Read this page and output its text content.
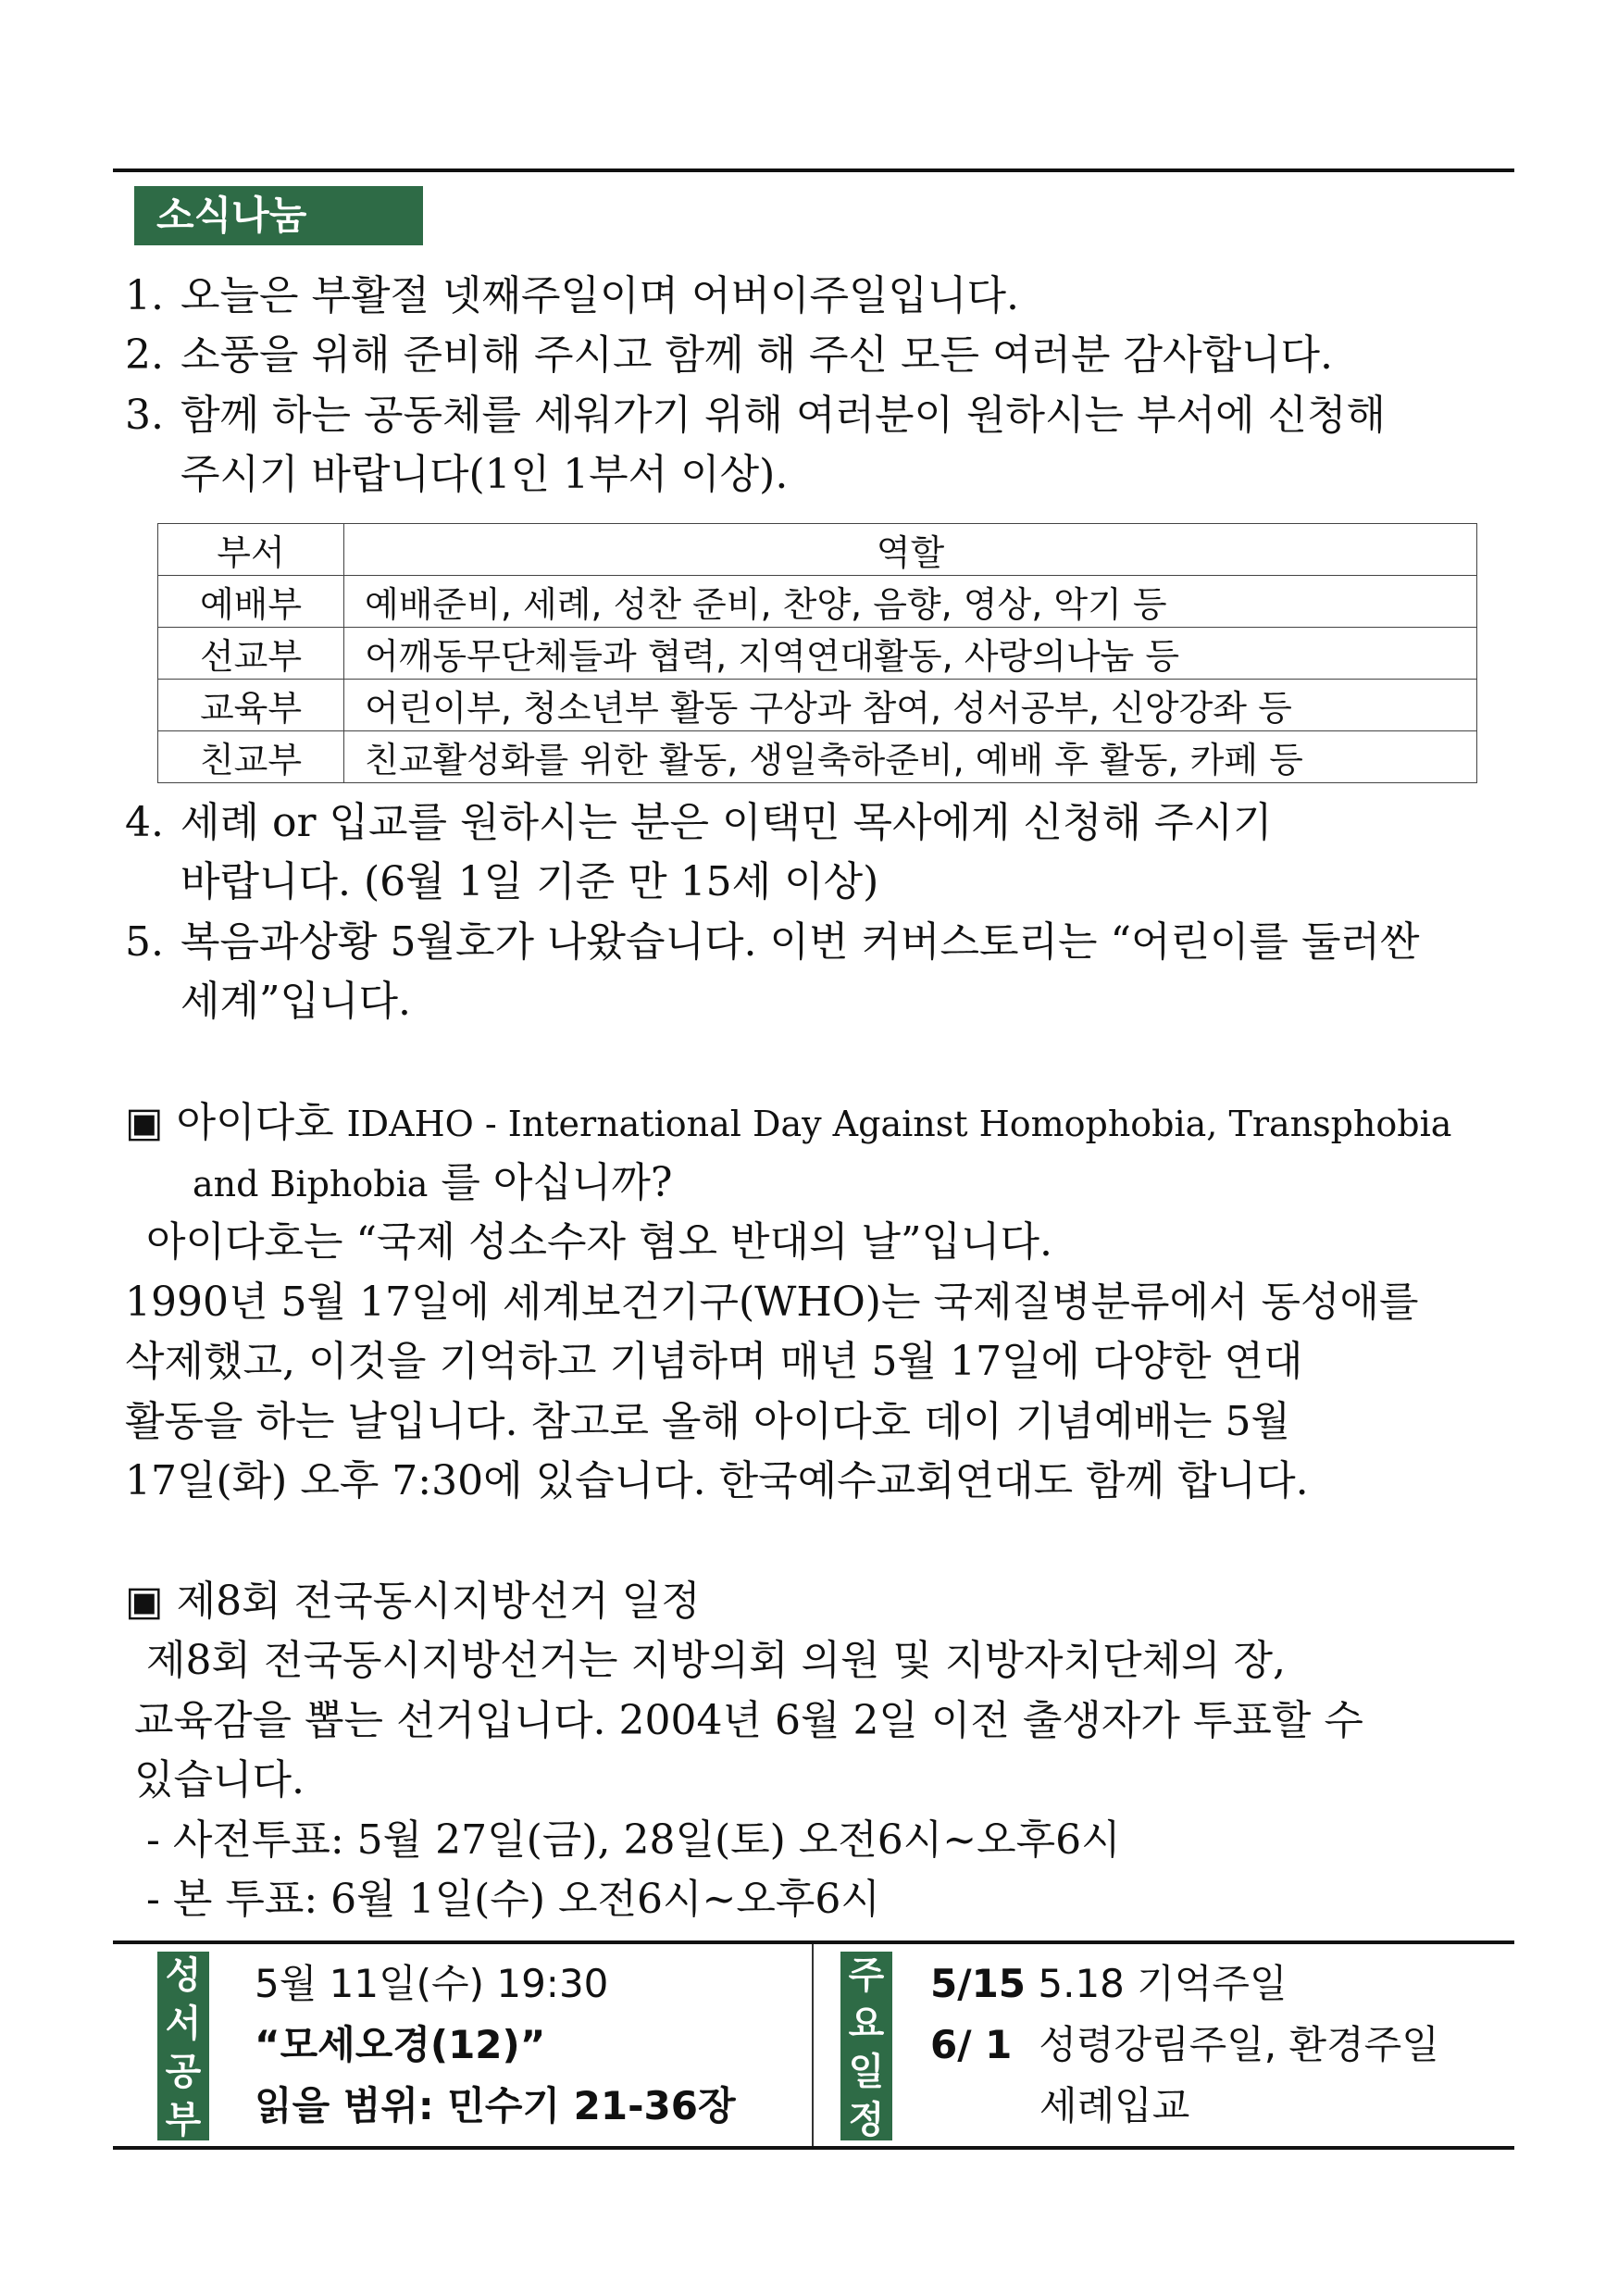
소식나눔
1. 오늘은 부활절 넷째주일이며 어버이주일입니다.
2. 소풍을 위해 준비해 주시고 함께 해 주신 모든 여러분 감사합니다.
3. 함께 하는 공동체를 세워가기 위해 여러분이 원하시는 부서에 신청해
주시기 바랍니다(1인 1부서 이상).
부서	역할
예배부	예배준비, 세례, 성찬 준비, 찬양, 음향, 영상, 악기 등
선교부	어깨동무단체들과 협력, 지역연대활동, 사랑의나눔 등
교육부	어린이부, 청소년부 활동 구상과 참여, 성서공부, 신앙강좌 등
친교부	친교활성화를 위한 활동, 생일축하준비, 예배 후 활동, 카페 등
4. 세례 or 입교를 원하시는 분은 이택민 목사에게 신청해 주시기
바랍니다. (6월 1일 기준 만 15세 이상)
5. 복음과상황 5월호가 나왔습니다. 이번 커버스토리는 “어린이를 둘러싼
세계”입니다.
▣ 아이다호 IDAHO - International Day Against Homophobia, Transphobia
and Biphobia 를 아십니까?
아이다호는 “국제 성소수자 혐오 반대의 날”입니다.
1990년 5월 17일에 세계보건기구(WHO)는 국제질병분류에서 동성애를
삭제했고, 이것을 기억하고 기념하며 매년 5월 17일에 다양한 연대
활동을 하는 날입니다. 참고로 올해 아이다호 데이 기념예배는 5월
17일(화) 오후 7:30에 있습니다. 한국예수교회연대도 함께 합니다.
▣ 제8회 전국동시지방선거 일정
제8회 전국동시지방선거는 지방의회 의원 및 지방자치단체의 장,
교육감을 뽑는 선거입니다. 2004년 6월 2일 이전 출생자가 투표할 수
있습니다.
- 사전투표: 5월 27일(금), 28일(토) 오전6시~오후6시
- 본 투표: 6월 1일(수) 오전6시~오후6시
성
서
공
부
5월 11일(수) 19:30
“모세오경(12)”
읽을 범위: 민수기 21-36장
주
요
일
정
5/15 5.18 기억주일
6/ 1 성령강림주일, 환경주일
세례입교
